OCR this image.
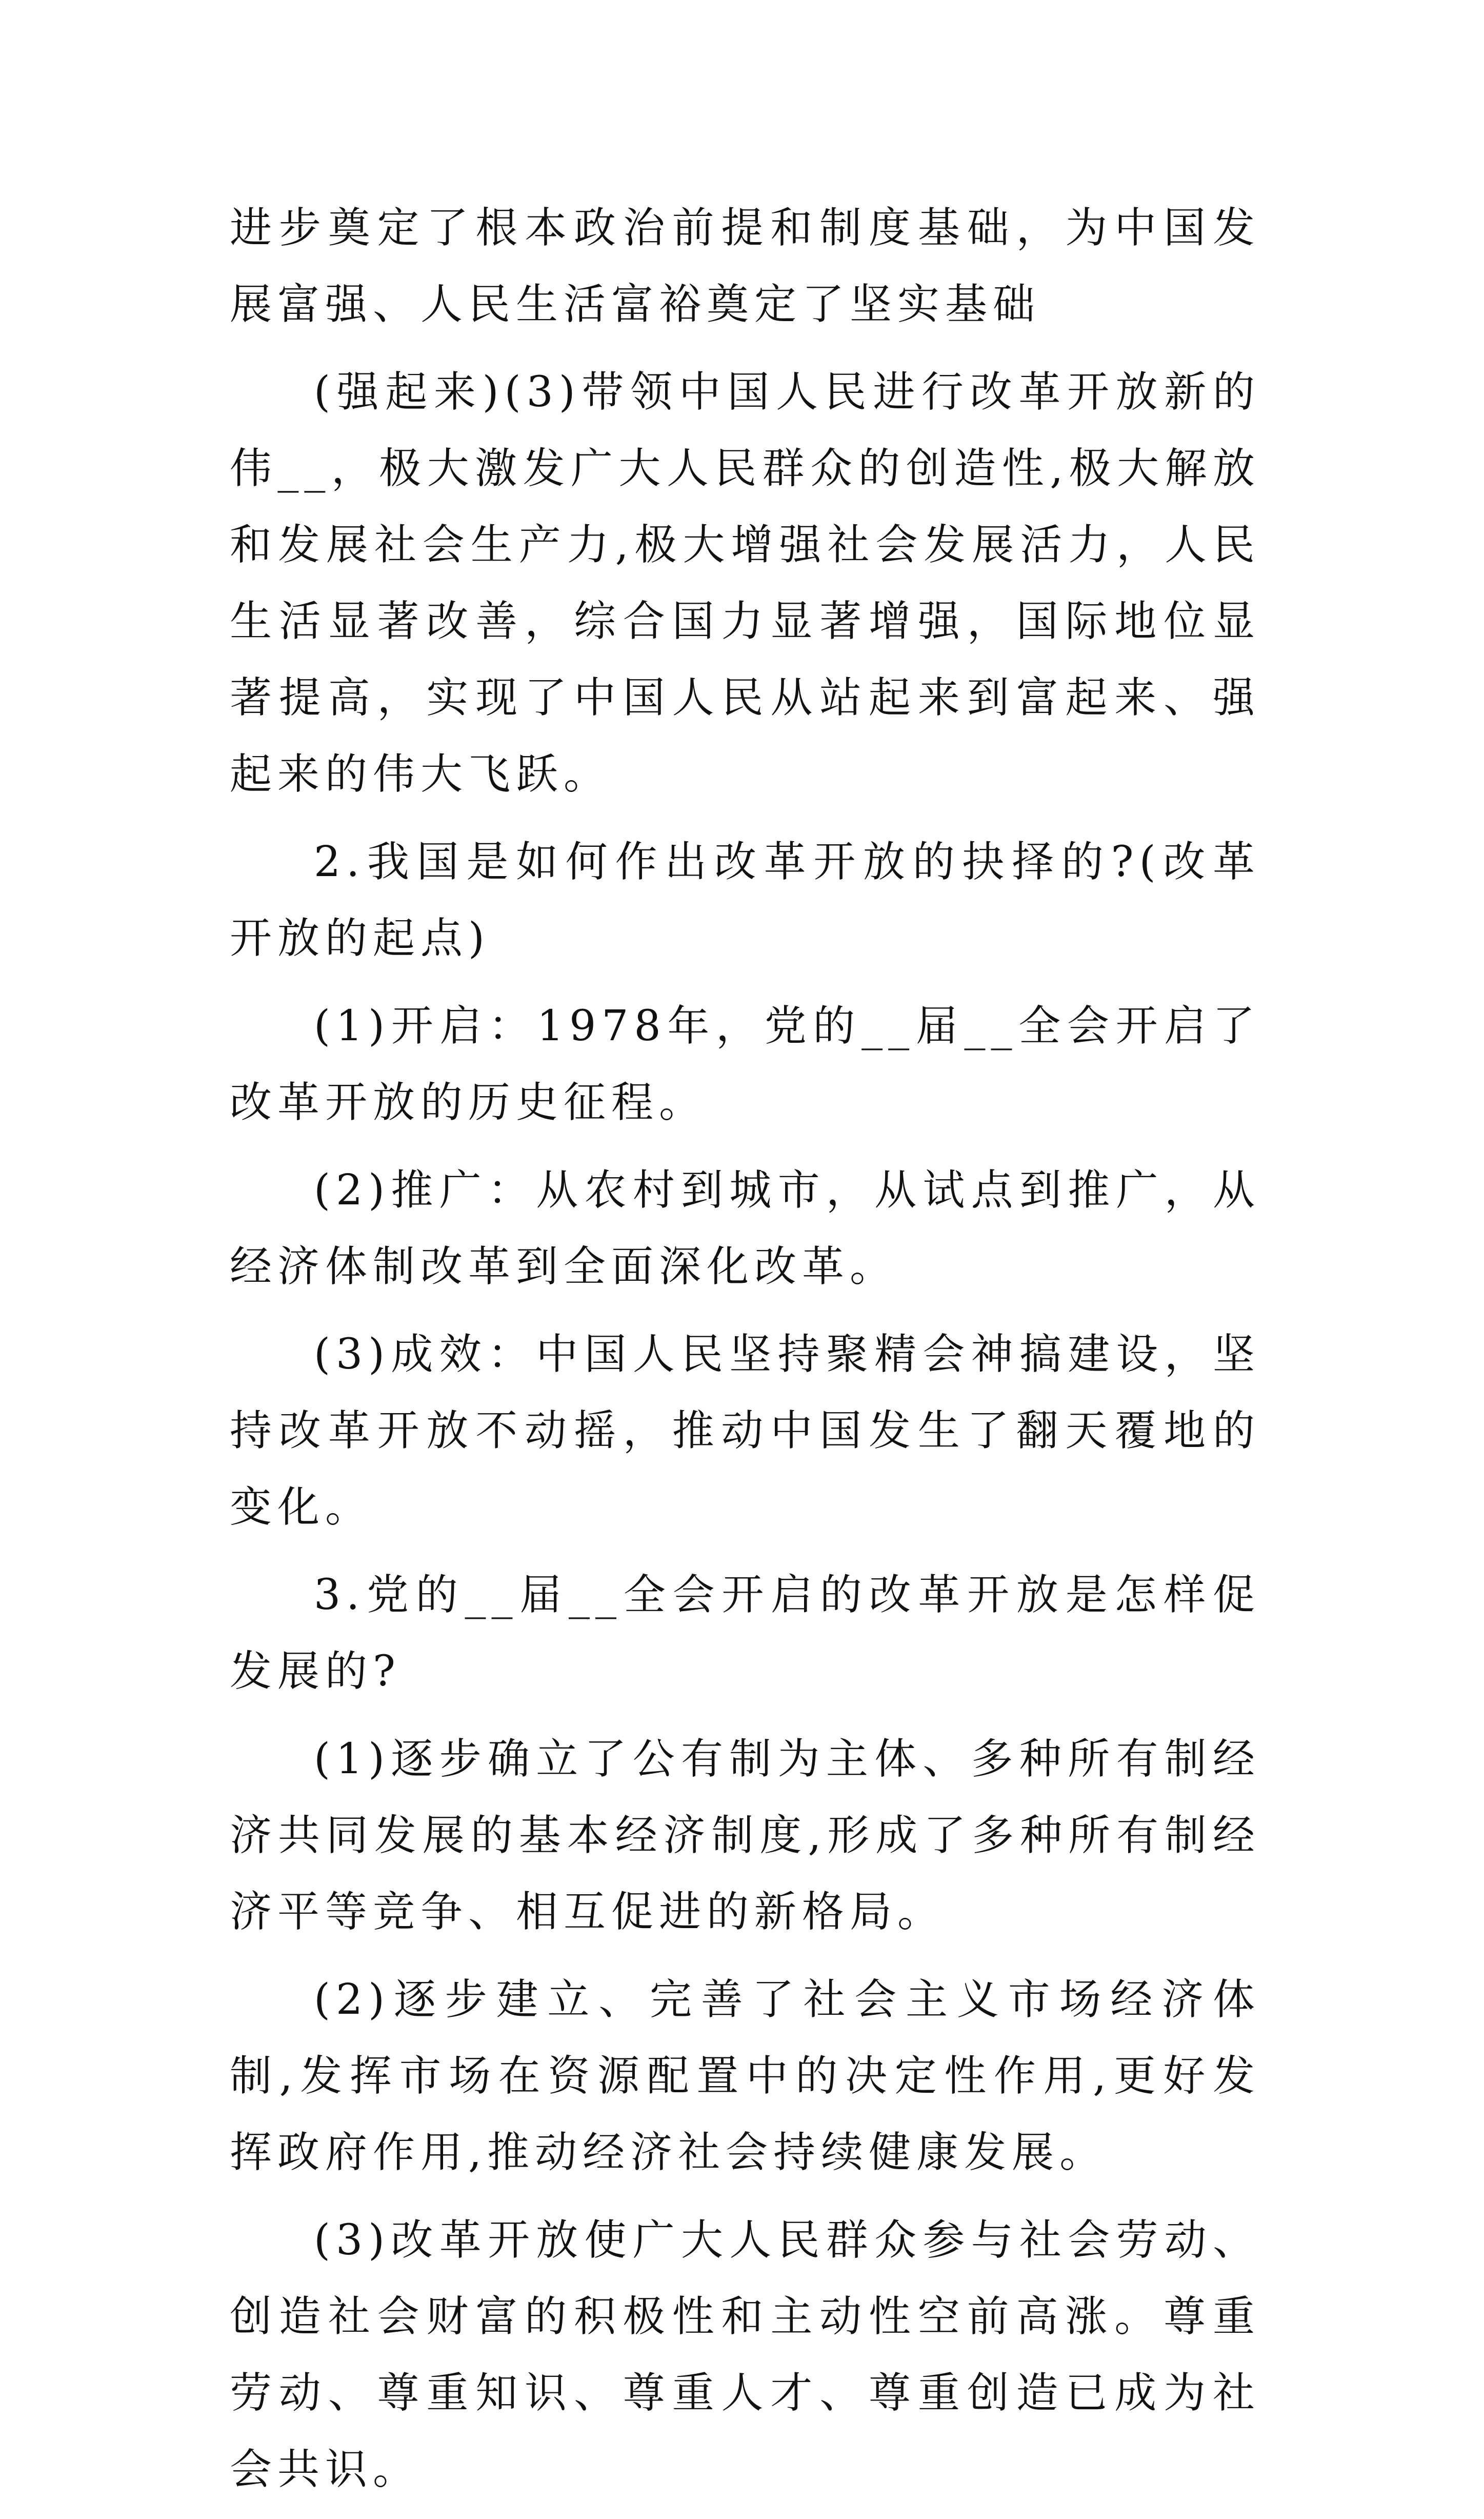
进步奠定了根本政治前提和制度基础，为中国发展富强、人民生活富裕奠定了坚实基础

(强起来)(3)带领中国人民进行改革开放新的伟__，极大激发广大人民群众的创造性,极大解放和发展社会生产力,极大增强社会发展活力，人民生活显著改善，综合国力显著增强，国际地位显著提高，实现了中国人民从站起来到富起来、强起来的伟大飞跃。

2.我国是如何作出改革开放的抉择的?(改革开放的起点)

(1)开启：1978年，党的__届__全会开启了改革开放的历史征程。

(2)推广：从农村到城市，从试点到推广，从经济体制改革到全面深化改革。

(3)成效：中国人民坚持聚精会神搞建设，坚持改革开放不动摇，推动中国发生了翻天覆地的变化。

3.党的__届__全会开启的改革开放是怎样促发展的?

(1)逐步确立了公有制为主体、多种所有制经济共同发展的基本经济制度,形成了多种所有制经济平等竞争、相互促进的新格局。

(2)逐步建立、完善了社会主义市场经济体制,发挥市场在资源配置中的决定性作用,更好发挥政府作用,推动经济社会持续健康发展。

(3)改革开放使广大人民群众参与社会劳动、创造社会财富的积极性和主动性空前高涨。尊重劳动、尊重知识、尊重人才、尊重创造已成为社会共识。
